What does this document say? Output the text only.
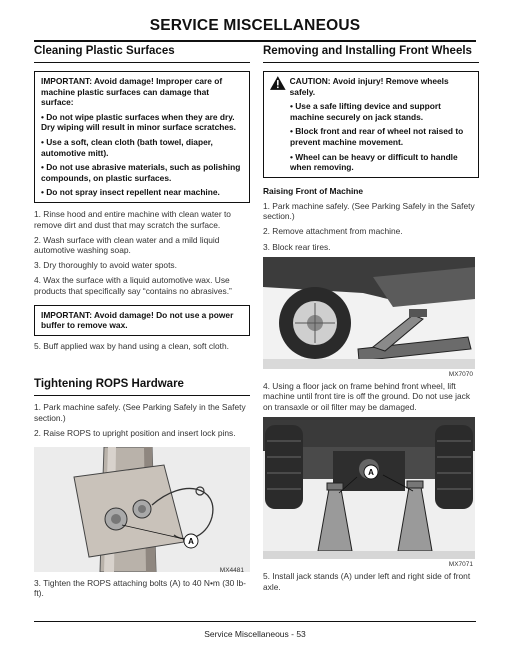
SERVICE MISCELLANEOUS
Cleaning Plastic Surfaces

IMPORTANT: Avoid damage! Improper care of machine plastic surfaces can damage that surface:

• Do not wipe plastic surfaces when they are dry. Dry wiping will result in minor surface scratches.

• Use a soft, clean cloth (bath towel, diaper, automotive mitt).

• Do not use abrasive materials, such as polishing compounds, on plastic surfaces.

• Do not spray insect repellent near machine.

1. Rinse hood and entire machine with clean water to remove dirt and dust that may scratch the surface.

2. Wash surface with clean water and a mild liquid automotive washing soap.

3. Dry thoroughly to avoid water spots.

4. Wax the surface with a liquid automotive wax. Use products that specifically say “contains no abrasives.”

IMPORTANT: Avoid damage! Do not use a power buffer to remove wax.

5. Buff applied wax by hand using a clean, soft cloth.

Tightening ROPS Hardware

1. Park machine safely. (See Parking Safely in the Safety section.)

2. Raise ROPS to upright position and insert lock pins.

A
MX4481

3. Tighten the ROPS attaching bolts (A) to 40 N•m (30 lb-ft).

Removing and Installing Front Wheels

CAUTION: Avoid injury! Remove wheels safely.

• Use a safe lifting device and support machine securely on jack stands.

• Block front and rear of wheel not raised to prevent machine movement.

• Wheel can be heavy or difficult to handle when removing.

Raising Front of Machine

1. Park machine safely. (See Parking Safely in the Safety section.)

2. Remove attachment from machine.

3. Block rear tires.

MX7070

4. Using a floor jack on frame behind front wheel, lift machine until front tire is off the ground. Do not use jack on transaxle or oil filter may be damaged.

A
MX7071

5. Install jack stands (A) under left and right side of front axle.

Service Miscellaneous - 53
